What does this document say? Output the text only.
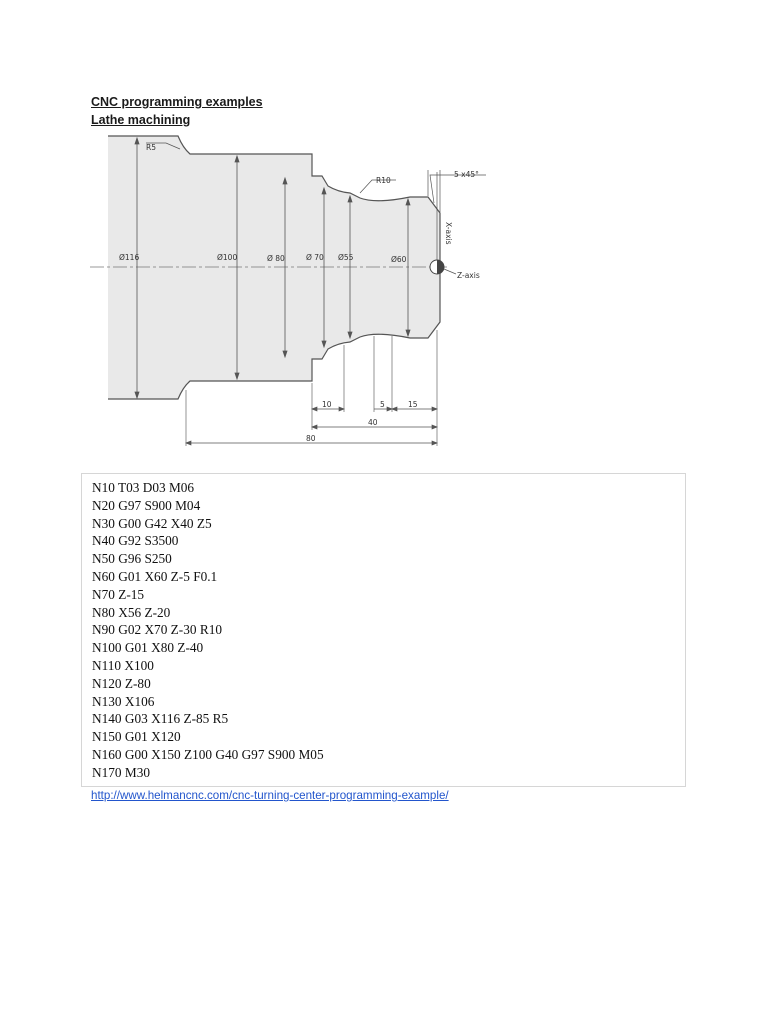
CNC programming examples
Lathe machining
R5
R10
5 x45°
X-axis
Z-axis
Ø116	Ø100	Ø 80	Ø 70 Ø55	Ø60
10	5	15
40
80
N10 T03 D03 M06
N20 G97 S900 M04
N30 G00 G42 X40 Z5
N40 G92 S3500
N50 G96 S250
N60 G01 X60 Z-5 F0.1
N70 Z-15
N80 X56 Z-20
N90 G02 X70 Z-30 R10
N100 G01 X80 Z-40
N110 X100
N120 Z-80
N130 X106
N140 G03 X116 Z-85 R5
N150 G01 X120
N160 G00 X150 Z100 G40 G97 S900 M05
N170 M30
http://www.helmancnc.com/cnc-turning-center-programming-example/
